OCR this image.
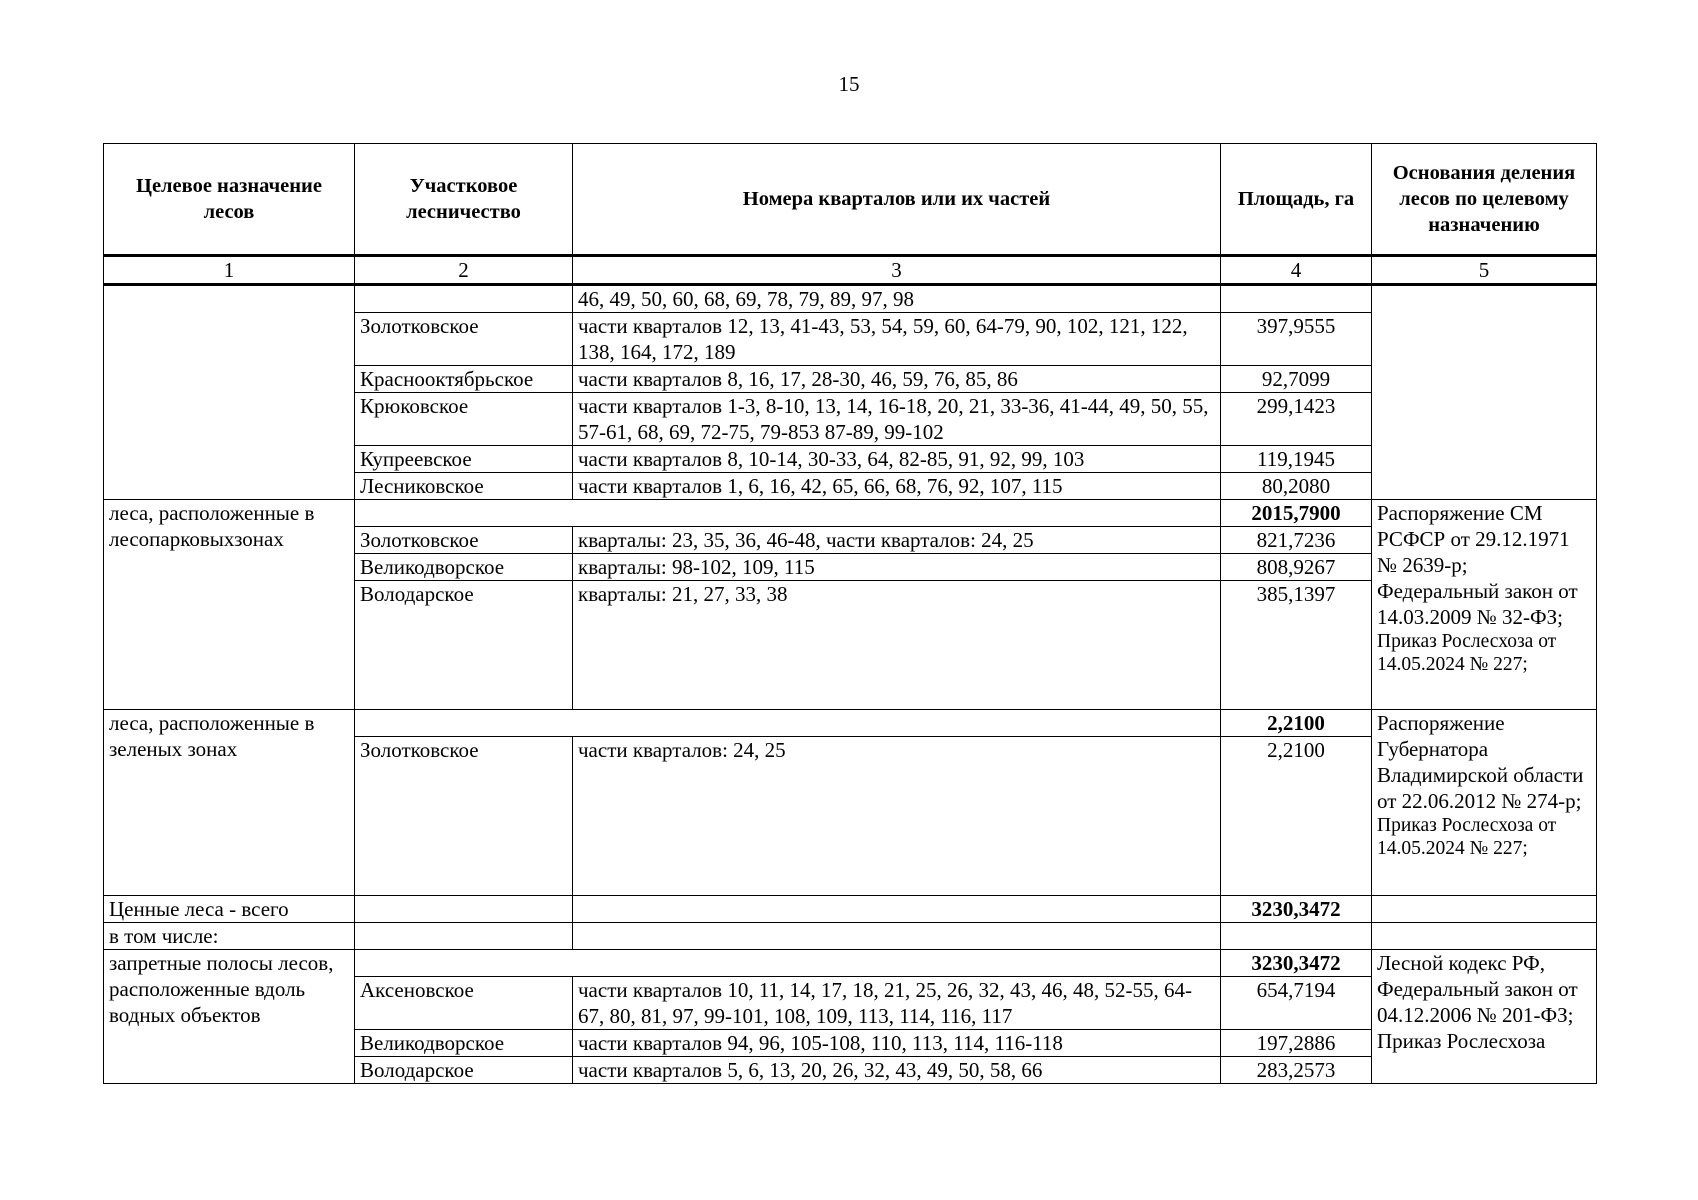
15
Целевое назначение лесов	Участковое лесничество	Номера кварталов или их частей	Площадь, га	Основания деления лесов по целевому назначению
1	2	3	4	5
		46, 49, 50, 60, 68, 69, 78, 79, 89, 97, 98		
	Золотковское	части кварталов 12, 13, 41-43, 53, 54, 59, 60, 64-79, 90, 102, 121, 122, 138, 164, 172, 189	397,9555	
	Краснооктябрьское	части кварталов 8, 16, 17, 28-30, 46, 59, 76, 85, 86	92,7099	
	Крюковское	части кварталов 1-3, 8-10, 13, 14, 16-18, 20, 21, 33-36, 41-44, 49, 50, 55, 57-61, 68, 69, 72-75, 79-853 87-89, 99-102	299,1423	
	Купреевское	части кварталов 8, 10-14, 30-33, 64, 82-85, 91, 92, 99, 103	119,1945	
	Лесниковское	части кварталов 1, 6, 16, 42, 65, 66, 68, 76, 92, 107, 115	80,2080	
леса, расположенные в лесопарковыхзонах			2015,7900	Распоряжение СМ РСФСР от 29.12.1971 № 2639-р; Федеральный закон от 14.03.2009 № 32-ФЗ;
Приказ Рослесхоза от 14.05.2024 № 227;

	Золотковское	кварталы: 23, 35, 36, 46-48, части кварталов: 24, 25	821,7236	
	Великодворское	кварталы: 98-102, 109, 115	808,9267	
	Володарское	кварталы: 21, 27, 33, 38	385,1397	
леса, расположенные в зеленых зонах			2,2100	Распоряжение Губернатора Владимирской области от 22.06.2012 № 274-р;
Приказ Рослесхоза от 14.05.2024 № 227;

	Золотковское	части кварталов: 24, 25	2,2100	
Ценные леса - всего			3230,3472	
в том числе:				
запретные полосы лесов, расположенные вдоль водных объектов			3230,3472	Лесной кодекс РФ, Федеральный закон от 04.12.2006 № 201-ФЗ; Приказ Рослесхоза
	Аксеновское	части кварталов 10, 11, 14, 17, 18, 21, 25, 26, 32, 43, 46, 48, 52-55, 64-67, 80, 81, 97, 99-101, 108, 109, 113, 114, 116, 117	654,7194	
	Великодворское	части кварталов 94, 96, 105-108, 110, 113, 114, 116-118	197,2886	
	Володарское	части кварталов 5, 6, 13, 20, 26, 32, 43, 49, 50, 58, 66	283,2573	
